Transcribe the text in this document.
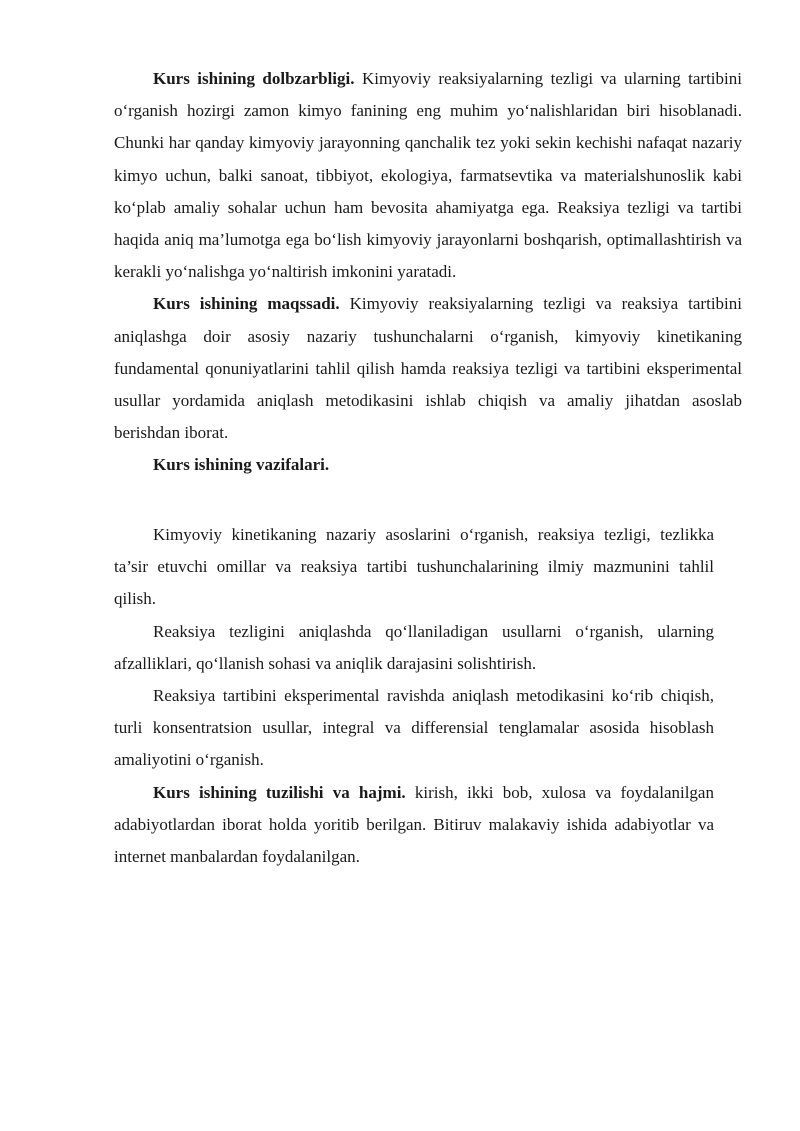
Kurs ishining dolbzarbligi. Kimyoviy reaksiyalarning tezligi va ularning tartibini o‘rganish hozirgi zamon kimyo fanining eng muhim yo‘nalishlaridan biri hisoblanadi. Chunki har qanday kimyoviy jarayonning qanchalik tez yoki sekin kechishi nafaqat nazariy kimyo uchun, balki sanoat, tibbiyot, ekologiya, farmatsevtika va materialshunoslik kabi ko‘plab amaliy sohalar uchun ham bevosita ahamiyatga ega. Reaksiya tezligi va tartibi haqida aniq ma’lumotga ega bo‘lish kimyoviy jarayonlarni boshqarish, optimallashtirish va kerakli yo‘nalishga yo‘naltirish imkonini yaratadi.

Kurs ishining maqssadi. Kimyoviy reaksiyalarning tezligi va reaksiya tartibini aniqlashga doir asosiy nazariy tushunchalarni o‘rganish, kimyoviy kinetikaning fundamental qonuniyatlarini tahlil qilish hamda reaksiya tezligi va tartibini eksperimental usullar yordamida aniqlash metodikasini ishlab chiqish va amaliy jihatdan asoslab berishdan iborat.

Kurs ishining vazifalari.

Kimyoviy kinetikaning nazariy asoslarini o‘rganish, reaksiya tezligi, tezlikka ta’sir etuvchi omillar va reaksiya tartibi tushunchalarining ilmiy mazmunini tahlil qilish.

Reaksiya tezligini aniqlashda qo‘llaniladigan usullarni o‘rganish, ularning afzalliklari, qo‘llanish sohasi va aniqlik darajasini solishtirish.

Reaksiya tartibini eksperimental ravishda aniqlash metodikasini ko‘rib chiqish, turli konsentratsion usullar, integral va differensial tenglamalar asosida hisoblash amaliyotini o‘rganish.

Kurs ishining tuzilishi va hajmi. kirish, ikki bob, xulosa va foydalanilgan adabiyotlardan iborat holda yoritib berilgan. Bitiruv malakaviy ishida adabiyotlar va internet manbalardan foydalanilgan.
